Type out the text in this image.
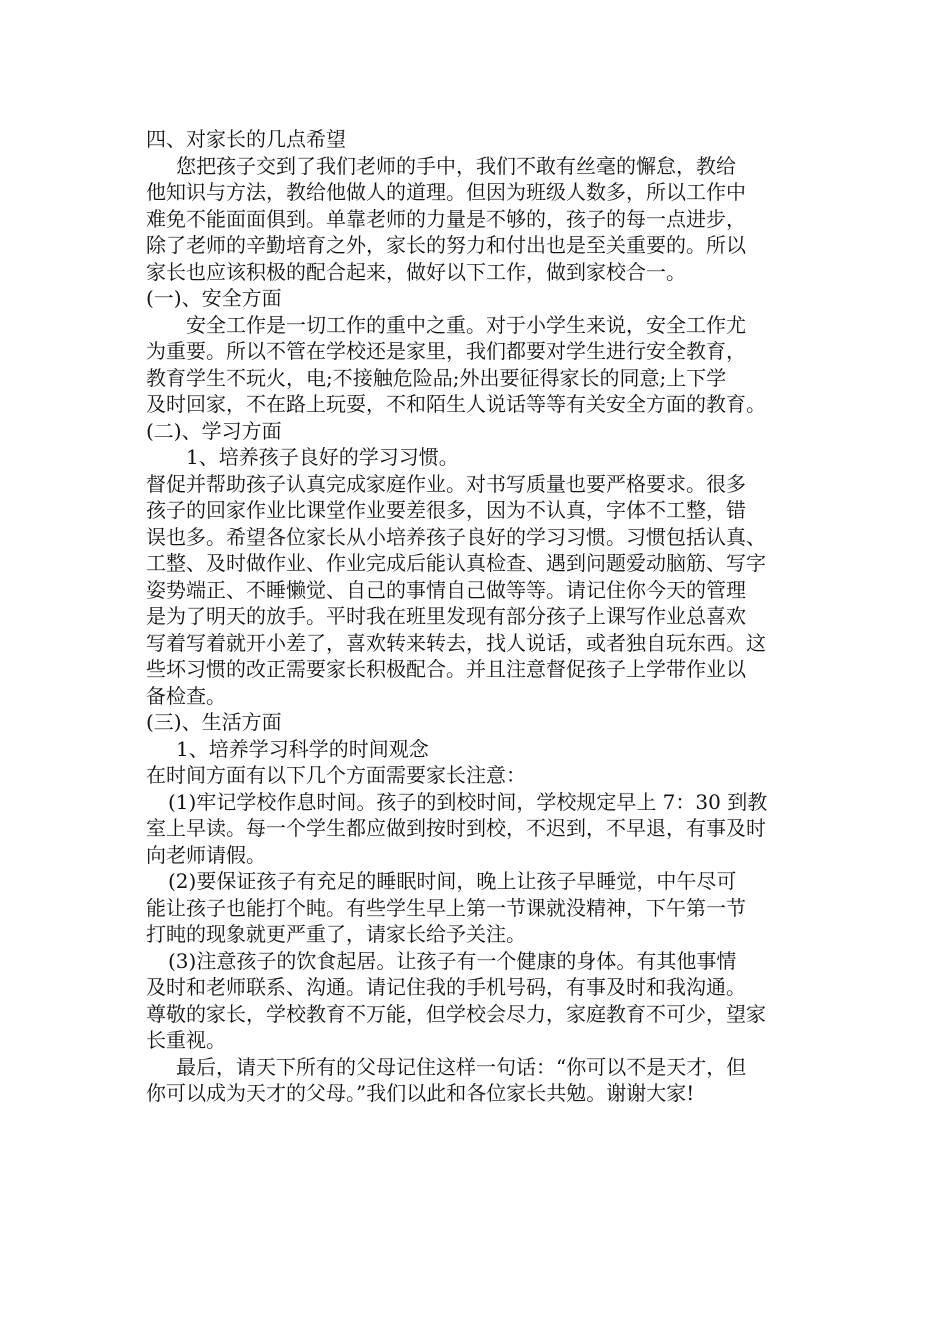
四、对家长的几点希望
您把孩子交到了我们老师的手中，我们不敢有丝毫的懈怠，教给
他知识与方法，教给他做人的道理。但因为班级人数多，所以工作中
难免不能面面俱到。单靠老师的力量是不够的，孩子的每一点进步，
除了老师的辛勤培育之外，家长的努力和付出也是至关重要的。所以
家长也应该积极的配合起来，做好以下工作，做到家校合一。
(一)、安全方面
安全工作是一切工作的重中之重。对于小学生来说，安全工作尤
为重要。所以不管在学校还是家里，我们都要对学生进行安全教育，
教育学生不玩火，电;不接触危险品;外出要征得家长的同意;上下学
及时回家，不在路上玩耍，不和陌生人说话等等有关安全方面的教育。
(二)、学习方面
1、培养孩子良好的学习习惯。
督促并帮助孩子认真完成家庭作业。对书写质量也要严格要求。很多
孩子的回家作业比课堂作业要差很多，因为不认真，字体不工整，错
误也多。希望各位家长从小培养孩子良好的学习习惯。习惯包括认真、
工整、及时做作业、作业完成后能认真检查、遇到问题爱动脑筋、写字
姿势端正、不睡懒觉、自己的事情自己做等等。请记住你今天的管理
是为了明天的放手。平时我在班里发现有部分孩子上课写作业总喜欢
写着写着就开小差了，喜欢转来转去，找人说话，或者独自玩东西。这
些坏习惯的改正需要家长积极配合。并且注意督促孩子上学带作业以
备检查。
(三)、生活方面
1、培养学习科学的时间观念
在时间方面有以下几个方面需要家长注意：
(1)牢记学校作息时间。孩子的到校时间，学校规定早上 7：30 到教
室上早读。每一个学生都应做到按时到校，不迟到，不早退，有事及时
向老师请假。
(2)要保证孩子有充足的睡眠时间，晚上让孩子早睡觉，中午尽可
能让孩子也能打个盹。有些学生早上第一节课就没精神，下午第一节
打盹的现象就更严重了，请家长给予关注。
(3)注意孩子的饮食起居。让孩子有一个健康的身体。有其他事情
及时和老师联系、沟通。请记住我的手机号码，有事及时和我沟通。
尊敬的家长，学校教育不万能，但学校会尽力，家庭教育不可少，望家
长重视。
最后，请天下所有的父母记住这样一句话：“你可以不是天才，但
你可以成为天才的父母。”我们以此和各位家长共勉。谢谢大家!
